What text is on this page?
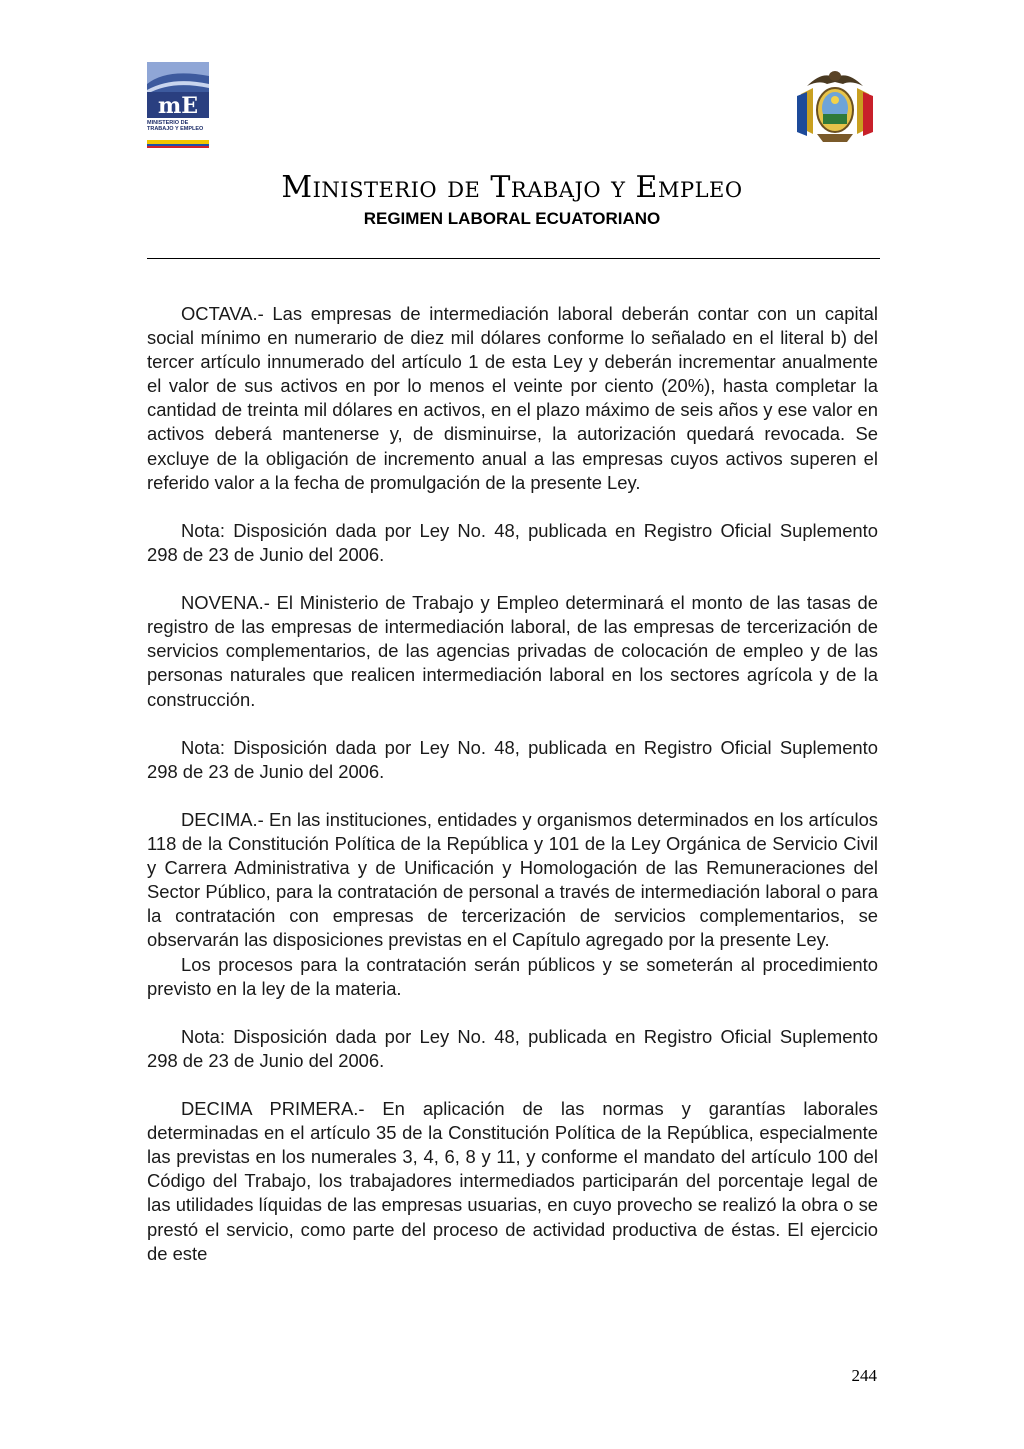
mE
MINISTERIO DE TRABAJO Y EMPLEO
Ministerio de Trabajo y Empleo
REGIMEN LABORAL ECUATORIANO

OCTAVA.- Las empresas de intermediación laboral deberán contar con un capital social mínimo en numerario de diez mil dólares conforme lo señalado en el literal b) del tercer artículo innumerado del artículo 1 de esta Ley y deberán incrementar anualmente el valor de sus activos en por lo menos el veinte por ciento (20%), hasta completar la cantidad de treinta mil dólares en activos, en el plazo máximo de seis años y ese valor en activos deberá mantenerse y, de disminuirse, la autorización quedará revocada. Se excluye de la obligación de incremento anual a las empresas cuyos activos superen el referido valor a la fecha de promulgación de la presente Ley.

Nota: Disposición dada por Ley No. 48, publicada en Registro Oficial Suplemento 298 de 23 de Junio del 2006.

NOVENA.- El Ministerio de Trabajo y Empleo determinará el monto de las tasas de registro de las empresas de intermediación laboral, de las empresas de tercerización de servicios complementarios, de las agencias privadas de colocación de empleo y de las personas naturales que realicen intermediación laboral en los sectores agrícola y de la construcción.

Nota: Disposición dada por Ley No. 48, publicada en Registro Oficial Suplemento 298 de 23 de Junio del 2006.

DECIMA.- En las instituciones, entidades y organismos determinados en los artículos 118 de la Constitución Política de la República y 101 de la Ley Orgánica de Servicio Civil y Carrera Administrativa y de Unificación y Homologación de las Remuneraciones del Sector Público, para la contratación de personal a través de intermediación laboral o para la contratación con empresas de tercerización de servicios complementarios, se observarán las disposiciones previstas en el Capítulo agregado por la presente Ley.

Los procesos para la contratación serán públicos y se someterán al procedimiento previsto en la ley de la materia.

Nota: Disposición dada por Ley No. 48, publicada en Registro Oficial Suplemento 298 de 23 de Junio del 2006.

DECIMA PRIMERA.- En aplicación de las normas y garantías laborales determinadas en el artículo 35 de la Constitución Política de la República, especialmente las previstas en los numerales 3, 4, 6, 8 y 11, y conforme el mandato del artículo 100 del Código del Trabajo, los trabajadores intermediados participarán del porcentaje legal de las utilidades líquidas de las empresas usuarias, en cuyo provecho se realizó la obra o se prestó el servicio, como parte del proceso de actividad productiva de éstas. El ejercicio de este

244
